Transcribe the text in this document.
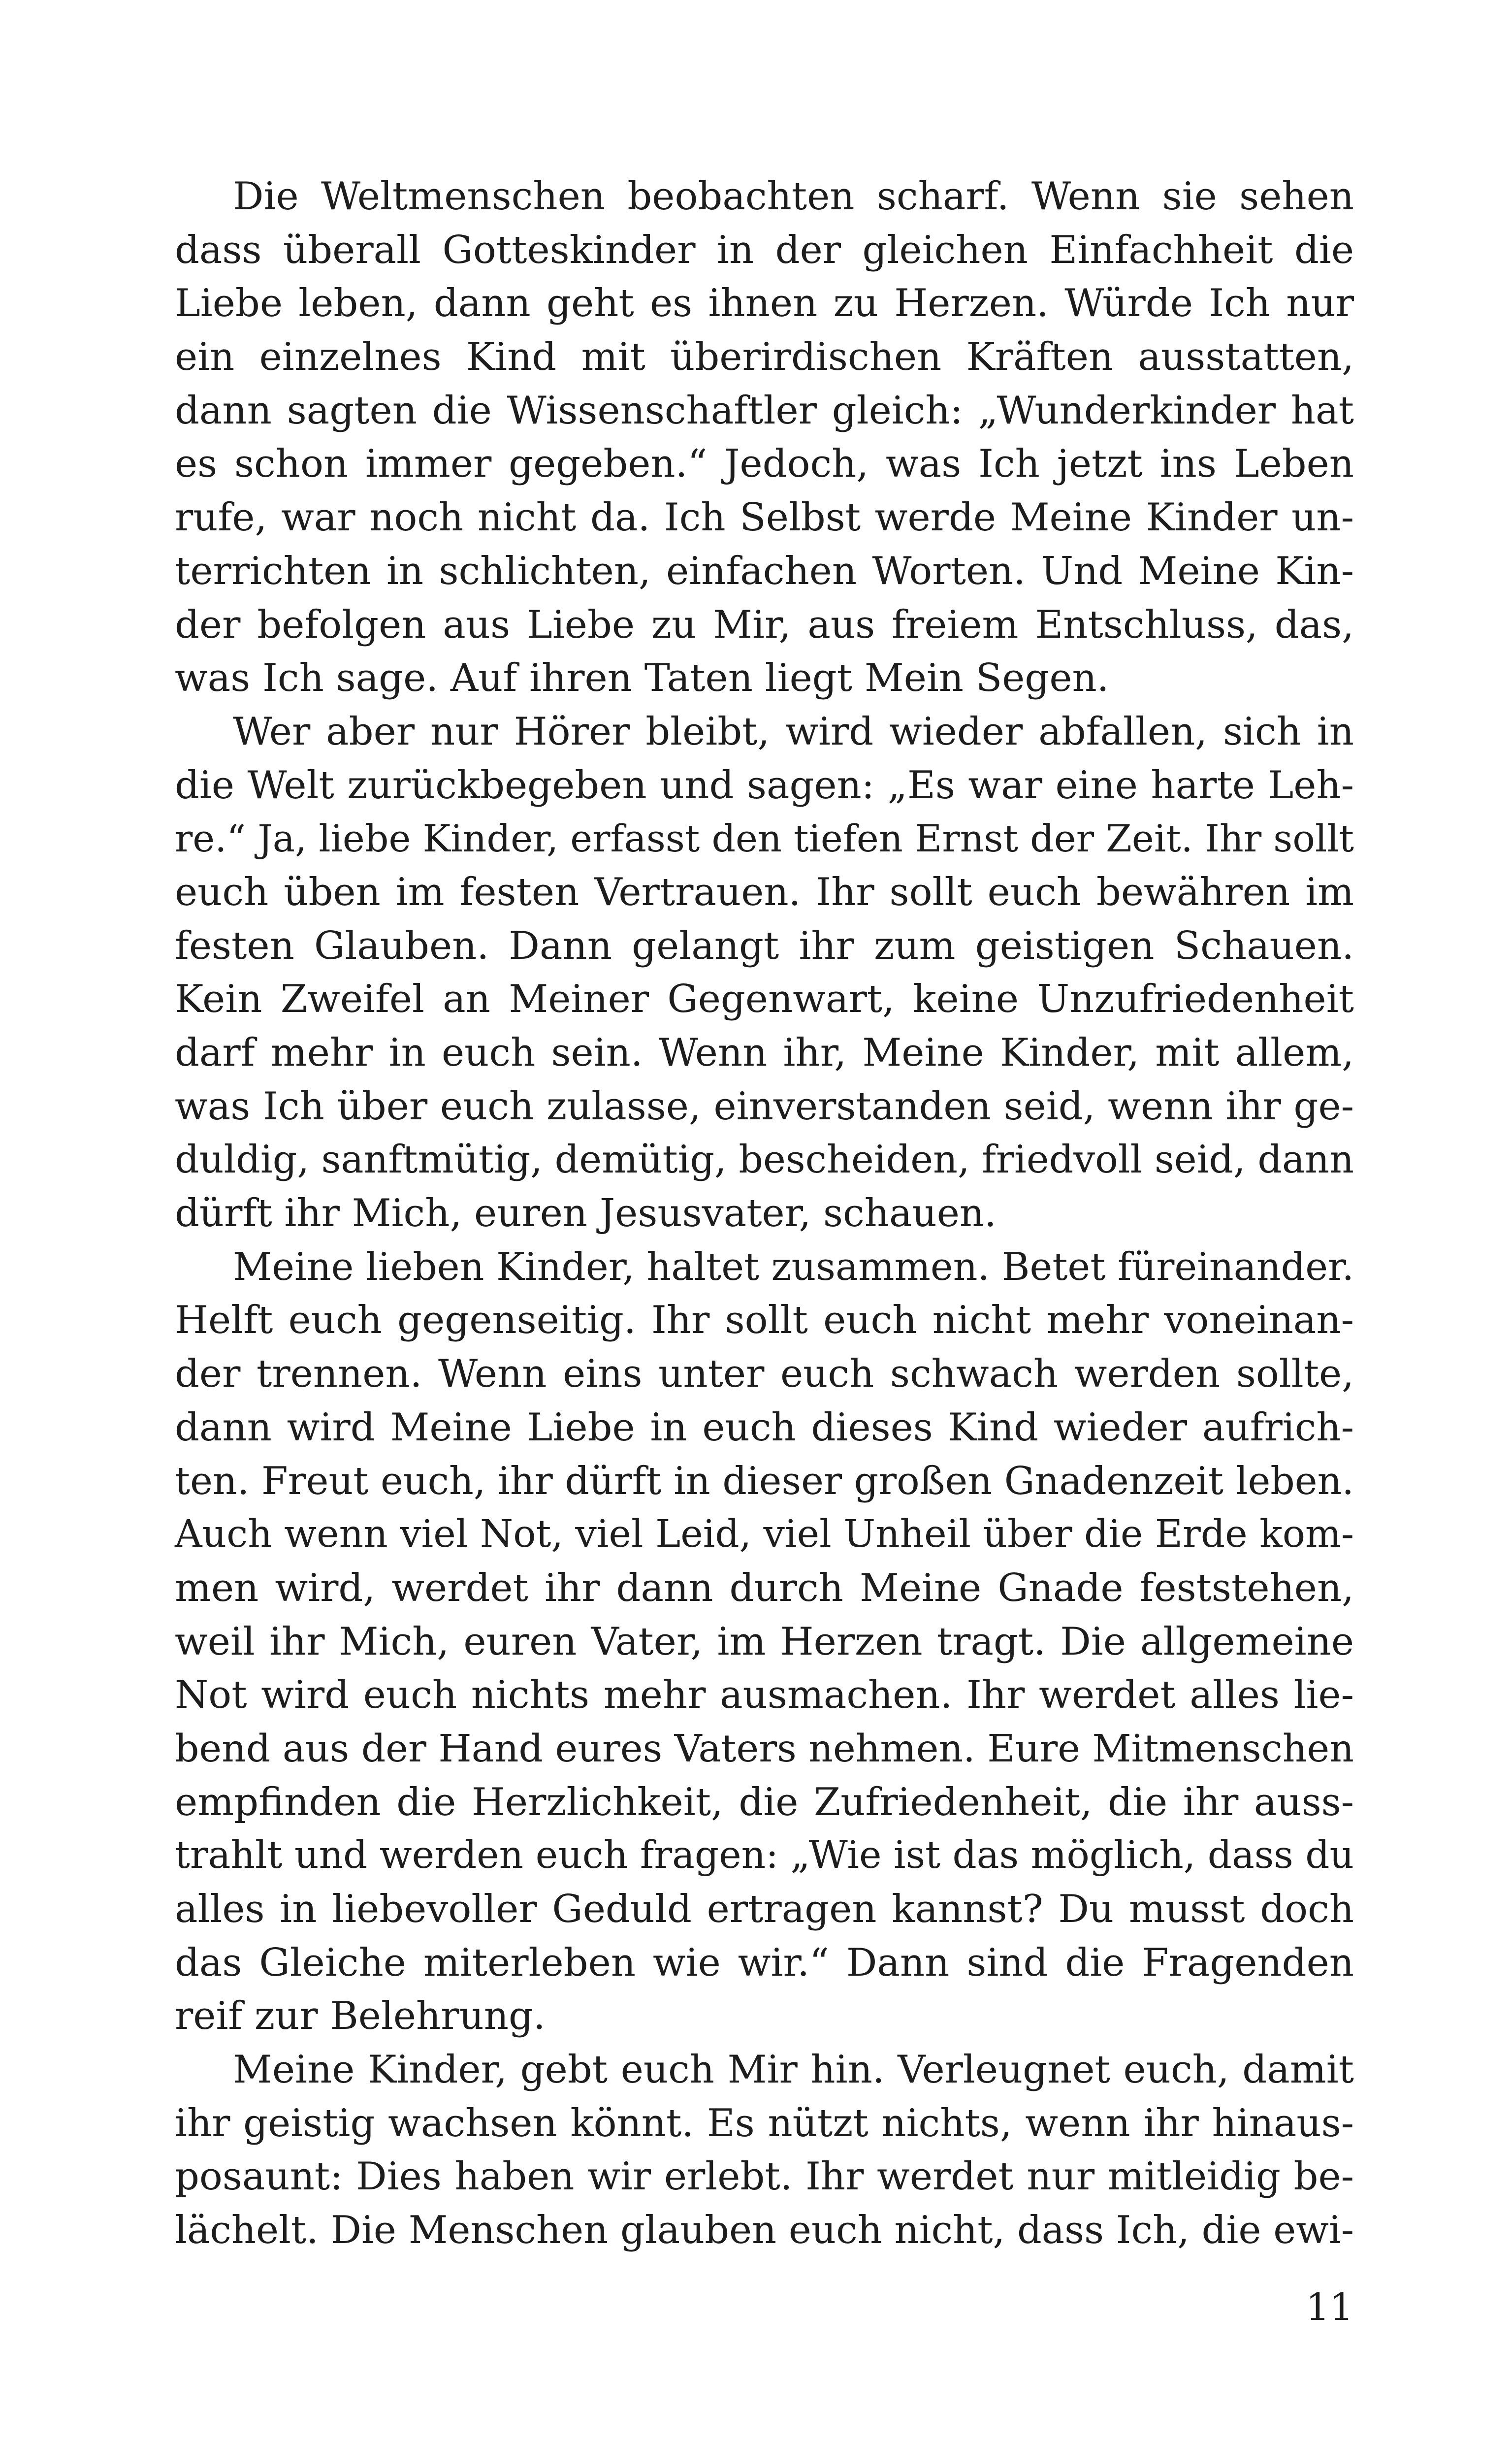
Die Weltmenschen beobachten scharf. Wenn sie sehen
dass überall Gotteskinder in der gleichen Einfachheit die
Liebe leben, dann geht es ihnen zu Herzen. Würde Ich nur
ein einzelnes Kind mit überirdischen Kräften ausstatten,
dann sagten die Wissenschaftler gleich: „Wunderkinder hat
es schon immer gegeben.“ Jedoch, was Ich jetzt ins Leben
rufe, war noch nicht da. Ich Selbst werde Meine Kinder un-
terrichten in schlichten, einfachen Worten. Und Meine Kin-
der befolgen aus Liebe zu Mir, aus freiem Entschluss, das,
was Ich sage. Auf ihren Taten liegt Mein Segen.
Wer aber nur Hörer bleibt, wird wieder abfallen, sich in
die Welt zurückbegeben und sagen: „Es war eine harte Leh-
re.“ Ja, liebe Kinder, erfasst den tiefen Ernst der Zeit. Ihr sollt
euch üben im festen Vertrauen. Ihr sollt euch bewähren im
festen Glauben. Dann gelangt ihr zum geistigen Schauen.
Kein Zweifel an Meiner Gegenwart, keine Unzufriedenheit
darf mehr in euch sein. Wenn ihr, Meine Kinder, mit allem,
was Ich über euch zulasse, einverstanden seid, wenn ihr ge-
duldig, sanftmütig, demütig, bescheiden, friedvoll seid, dann
dürft ihr Mich, euren Jesusvater, schauen.
Meine lieben Kinder, haltet zusammen. Betet füreinander.
Helft euch gegenseitig. Ihr sollt euch nicht mehr voneinan-
der trennen. Wenn eins unter euch schwach werden sollte,
dann wird Meine Liebe in euch dieses Kind wieder aufrich-
ten. Freut euch, ihr dürft in dieser großen Gnadenzeit leben.
Auch wenn viel Not, viel Leid, viel Unheil über die Erde kom-
men wird, werdet ihr dann durch Meine Gnade feststehen,
weil ihr Mich, euren Vater, im Herzen tragt. Die allgemeine
Not wird euch nichts mehr ausmachen. Ihr werdet alles lie-
bend aus der Hand eures Vaters nehmen. Eure Mitmenschen
empfinden die Herzlichkeit, die Zufriedenheit, die ihr auss-
trahlt und werden euch fragen: „Wie ist das möglich, dass du
alles in liebevoller Geduld ertragen kannst? Du musst doch
das Gleiche miterleben wie wir.“ Dann sind die Fragenden
reif zur Belehrung.
Meine Kinder, gebt euch Mir hin. Verleugnet euch, damit
ihr geistig wachsen könnt. Es nützt nichts, wenn ihr hinaus-
posaunt: Dies haben wir erlebt. Ihr werdet nur mitleidig be-
lächelt. Die Menschen glauben euch nicht, dass Ich, die ewi-
11
